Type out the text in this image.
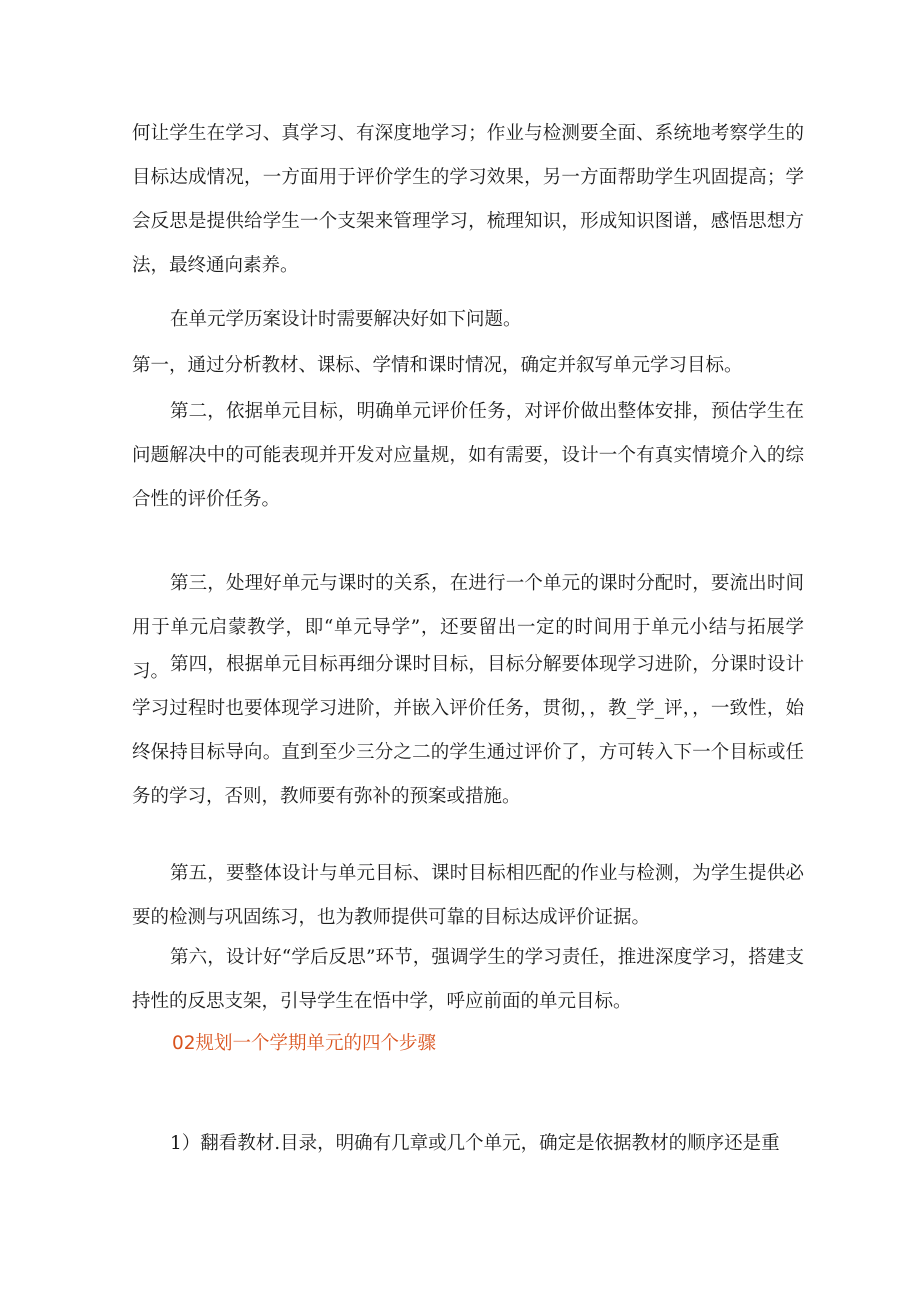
何让学生在学习、真学习、有深度地学习；作业与检测要全面、系统地考察学生的目标达成情况，一方面用于评价学生的学习效果，另一方面帮助学生巩固提高；学会反思是提供给学生一个支架来管理学习，梳理知识，形成知识图谱，感悟思想方法，最终通向素养。

在单元学历案设计时需要解决好如下问题。

第一，通过分析教材、课标、学情和课时情况，确定并叙写单元学习目标。

第二，依据单元目标，明确单元评价任务，对评价做出整体安排，预估学生在问题解决中的可能表现并开发对应量规，如有需要，设计一个有真实情境介入的综合性的评价任务。

第三，处理好单元与课时的关系，在进行一个单元的课时分配时，要流出时间用于单元启蒙教学，即“单元导学”，还要留出一定的时间用于单元小结与拓展学习。 第四，根据单元目标再细分课时目标，目标分解要体现学习进阶，分课时设计学习过程时也要体现学习进阶，并嵌入评价任务，贯彻，，教_学_评，，一致性，始终保持目标导向。直到至少三分之二的学生通过评价了，方可转入下一个目标或任务的学习，否则，教师要有弥补的预案或措施。

第五，要整体设计与单元目标、课时目标相匹配的作业与检测，为学生提供必要的检测与巩固练习，也为教师提供可靠的目标达成评价证据。

第六，设计好“学后反思”环节，强调学生的学习责任，推进深度学习，搭建支持性的反思支架，引导学生在悟中学，呼应前面的单元目标。

02规划一个学期单元的四个步骤

1）翻看教材.目录，明确有几章或几个单元，确定是依据教材的顺序还是重
